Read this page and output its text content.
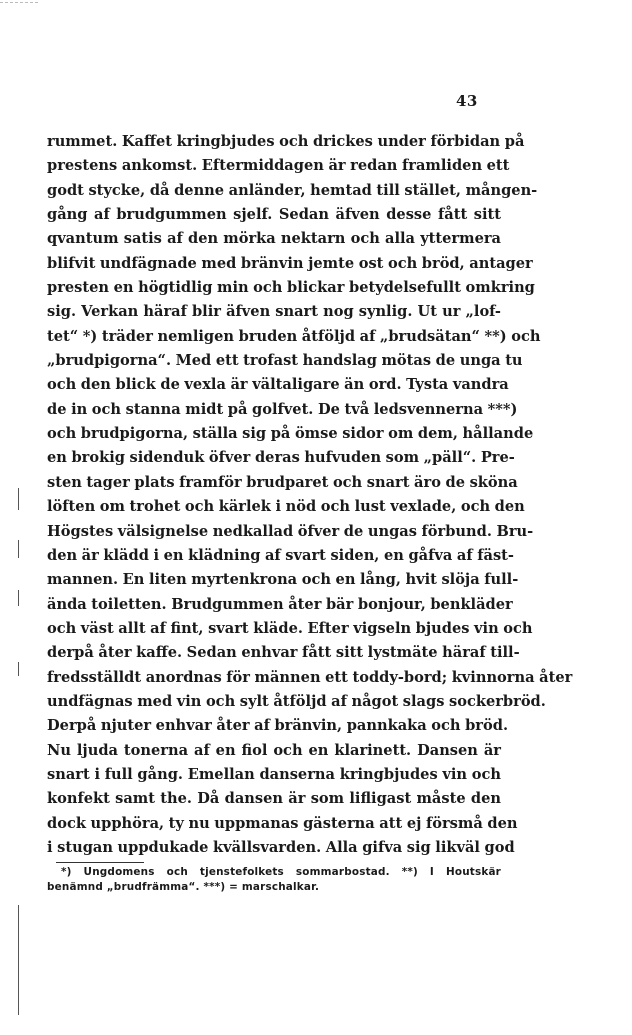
43
rummet. Kaffet kringbjudes och drickes under förbidan på
prestens ankomst. Eftermiddagen är redan framliden ett
godt stycke, då denne anländer, hemtad till stället, mången-
gång af brudgummen sjelf. Sedan äfven desse fått sitt
qvantum satis af den mörka nektarn och alla yttermera
blifvit undfägnade med bränvin jemte ost och bröd, antager
presten en högtidlig min och blickar betydelsefullt omkring
sig. Verkan häraf blir äfven snart nog synlig. Ut ur „lof-
tet“ *) träder nemligen bruden åtföljd af „brudsätan“ **) och
„brudpigorna“. Med ett trofast handslag mötas de unga tu
och den blick de vexla är vältaligare än ord. Tysta vandra
de in och stanna midt på golfvet. De två ledsvennerna ***)
och brudpigorna, ställa sig på ömse sidor om dem, hållande
en brokig sidenduk öfver deras hufvuden som „päll“. Pre-
sten tager plats framför brudparet och snart äro de sköna
löften om trohet och kärlek i nöd och lust vexlade, och den
Högstes välsignelse nedkallad öfver de ungas förbund. Bru-
den är klädd i en klädning af svart siden, en gåfva af fäst-
mannen. En liten myrtenkrona och en lång, hvit slöja full-
ända toiletten. Brudgummen åter bär bonjour, benkläder
och väst allt af fint, svart kläde. Efter vigseln bjudes vin och
derpå åter kaffe. Sedan enhvar fått sitt lystmäte häraf till-
fredsställdt anordnas för männen ett toddy-bord; kvinnorna åter
undfägnas med vin och sylt åtföljd af något slags sockerbröd.
Derpå njuter enhvar åter af bränvin, pannkaka och bröd.
Nu ljuda tonerna af en fiol och en klarinett. Dansen är
snart i full gång. Emellan danserna kringbjudes vin och
konfekt samt the. Då dansen är som lifligast måste den
dock upphöra, ty nu uppmanas gästerna att ej försmå den
i stugan uppdukade kvällsvarden. Alla gifva sig likväl god
*) Ungdomens och tjenstefolkets sommarbostad. **) I Houtskär
benämnd „brudfrämma“. ***) = marschalkar.
